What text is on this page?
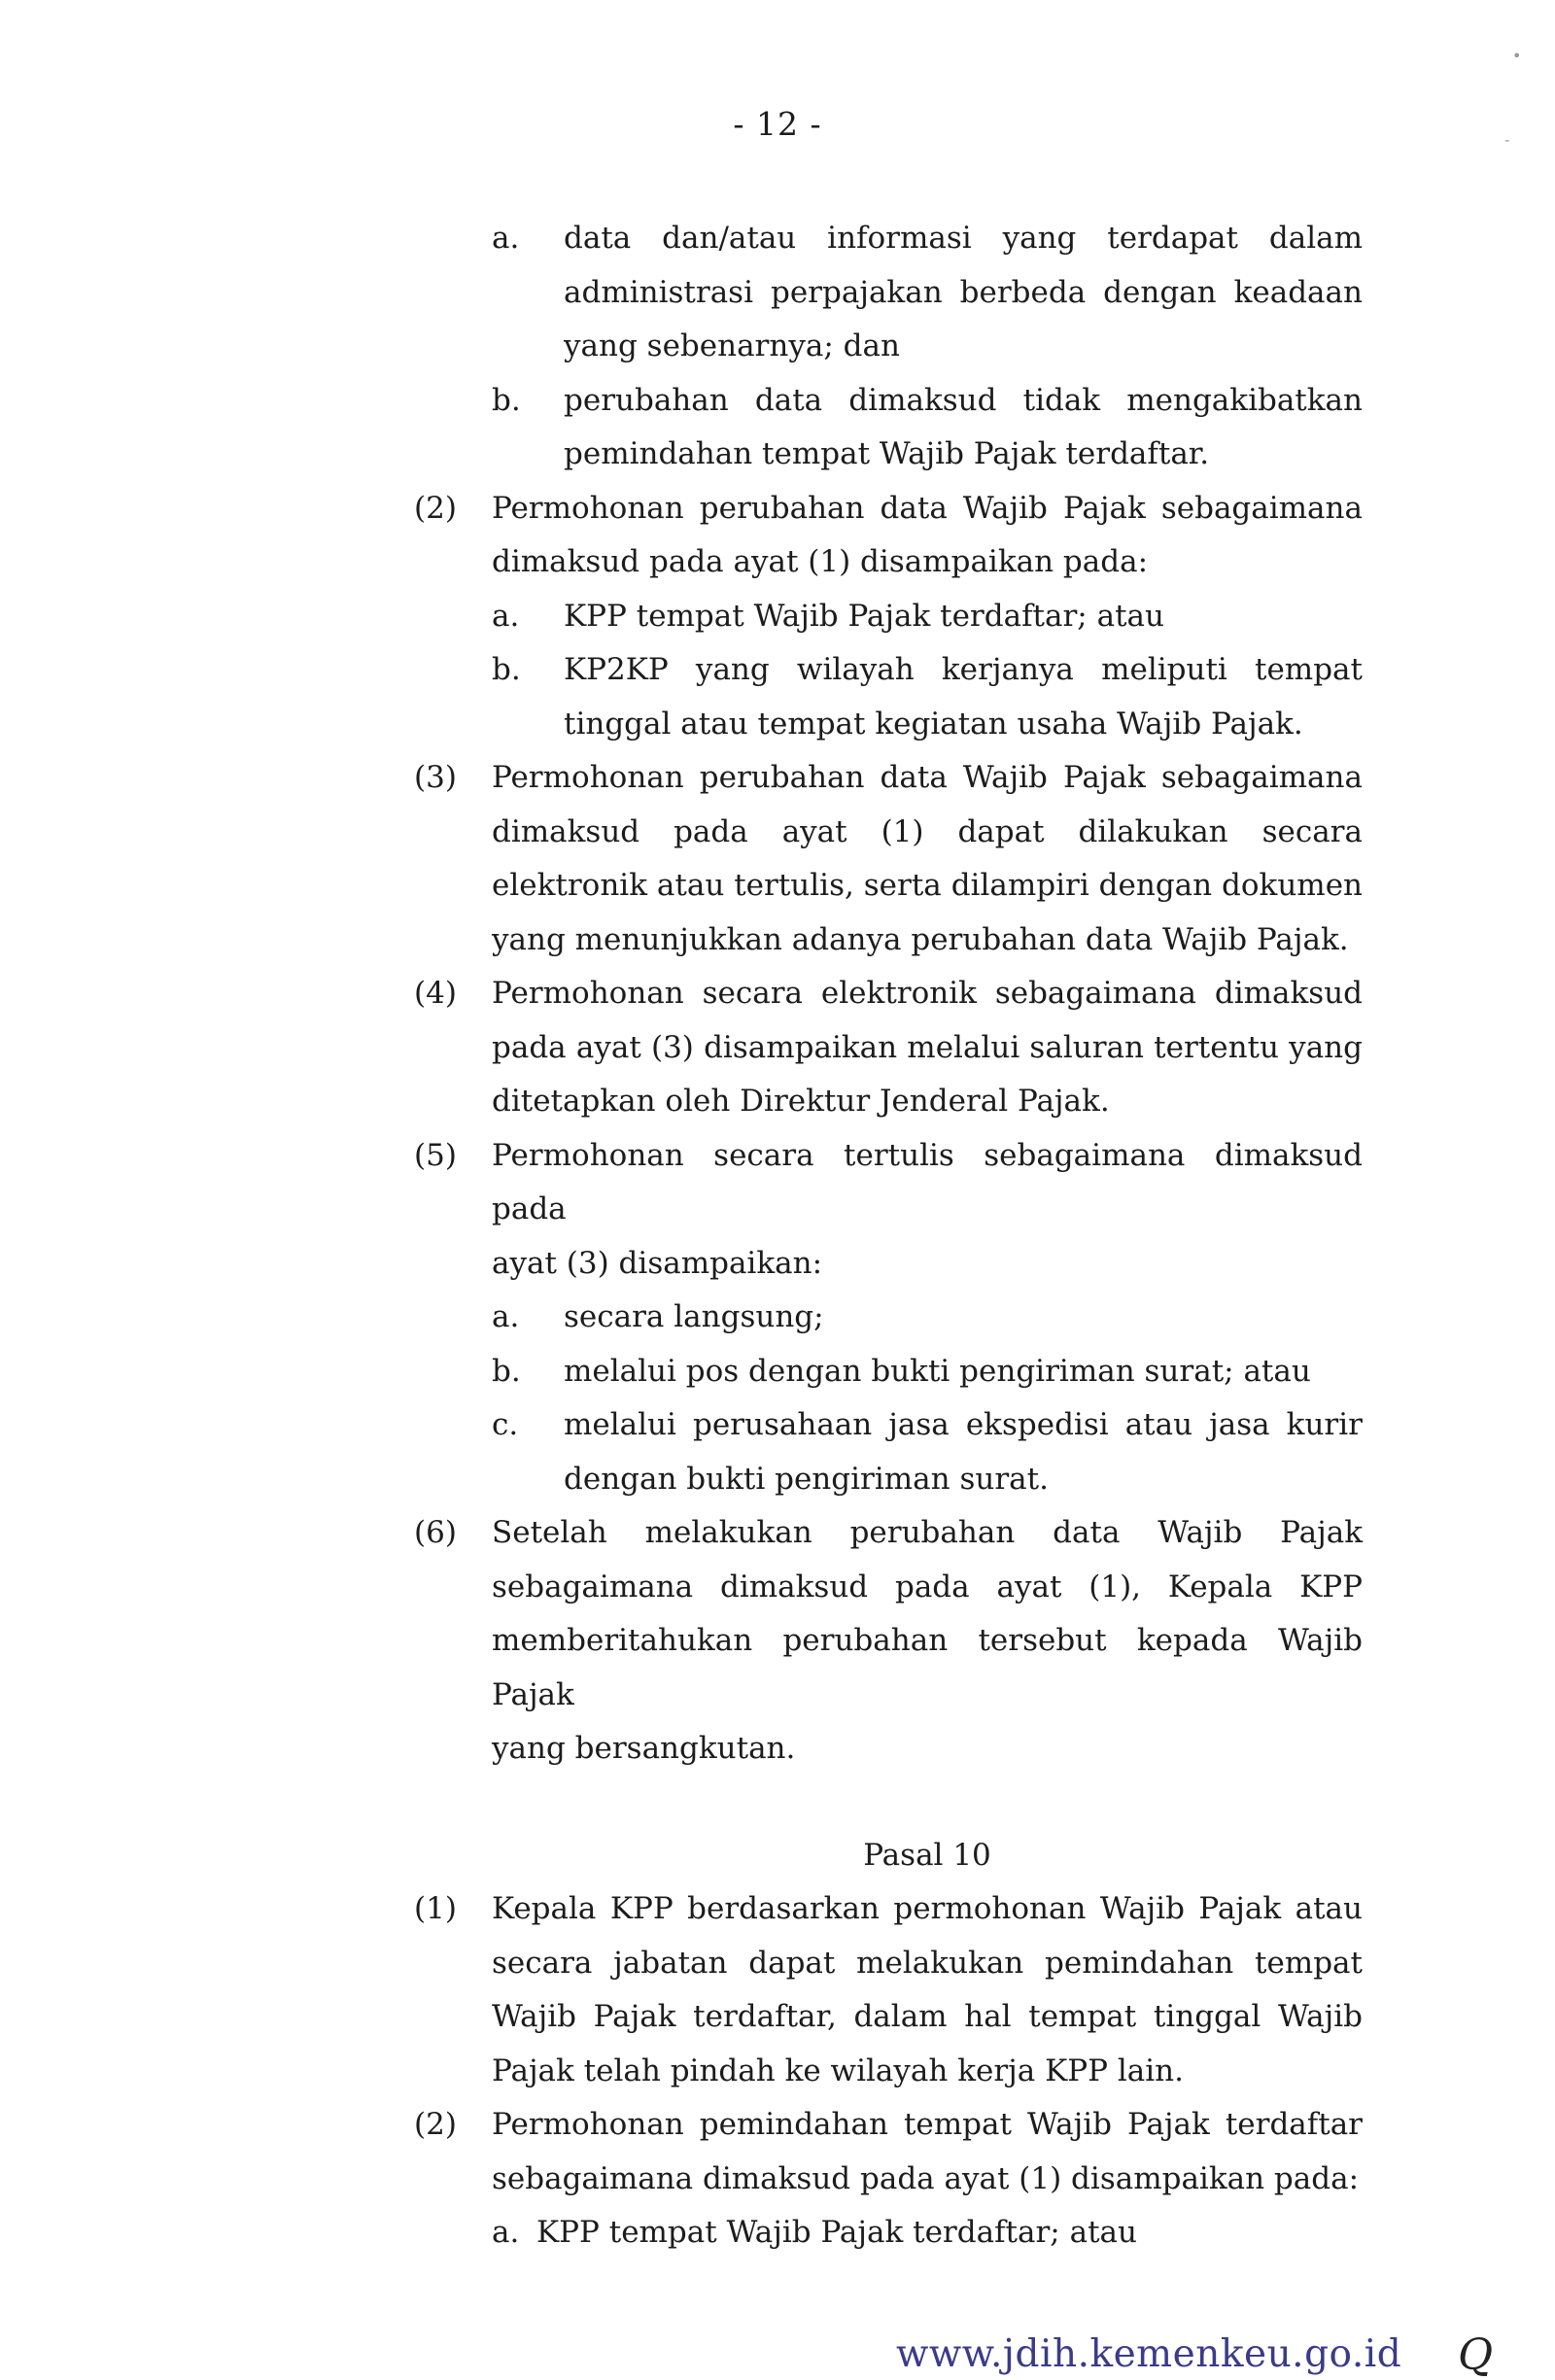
- 12 -
a.	data dan/atau informasi yang terdapat dalam
administrasi perpajakan berbeda dengan keadaan
yang sebenarnya; dan
b.	perubahan data dimaksud tidak mengakibatkan
pemindahan tempat Wajib Pajak terdaftar.
(2)	Permohonan perubahan data Wajib Pajak sebagaimana
dimaksud pada ayat (1) disampaikan pada:
a.	KPP tempat Wajib Pajak terdaftar; atau
b.	KP2KP yang wilayah kerjanya meliputi tempat
tinggal atau tempat kegiatan usaha Wajib Pajak.
(3)	Permohonan perubahan data Wajib Pajak sebagaimana
dimaksud pada ayat (1) dapat dilakukan secara
elektronik atau tertulis, serta dilampiri dengan dokumen
yang menunjukkan adanya perubahan data Wajib Pajak.
(4)	Permohonan secara elektronik sebagaimana dimaksud
pada ayat (3) disampaikan melalui saluran tertentu yang
ditetapkan oleh Direktur Jenderal Pajak.
(5)	Permohonan secara tertulis sebagaimana dimaksud pada
ayat (3) disampaikan:
a.	secara langsung;
b.	melalui pos dengan bukti pengiriman surat; atau
c.	melalui perusahaan jasa ekspedisi atau jasa kurir
dengan bukti pengiriman surat.
(6)	Setelah melakukan perubahan data Wajib Pajak
sebagaimana dimaksud pada ayat (1), Kepala KPP
memberitahukan perubahan tersebut kepada Wajib Pajak
yang bersangkutan.
Pasal 10
(1)	Kepala KPP berdasarkan permohonan Wajib Pajak atau
secara jabatan dapat melakukan pemindahan tempat
Wajib Pajak terdaftar, dalam hal tempat tinggal Wajib
Pajak telah pindah ke wilayah kerja KPP lain.
(2)	Permohonan pemindahan tempat Wajib Pajak terdaftar
sebagaimana dimaksud pada ayat (1) disampaikan pada:
a. KPP tempat Wajib Pajak terdaftar; atau
www.jdih.kemenkeu.go.id Q
•
-
